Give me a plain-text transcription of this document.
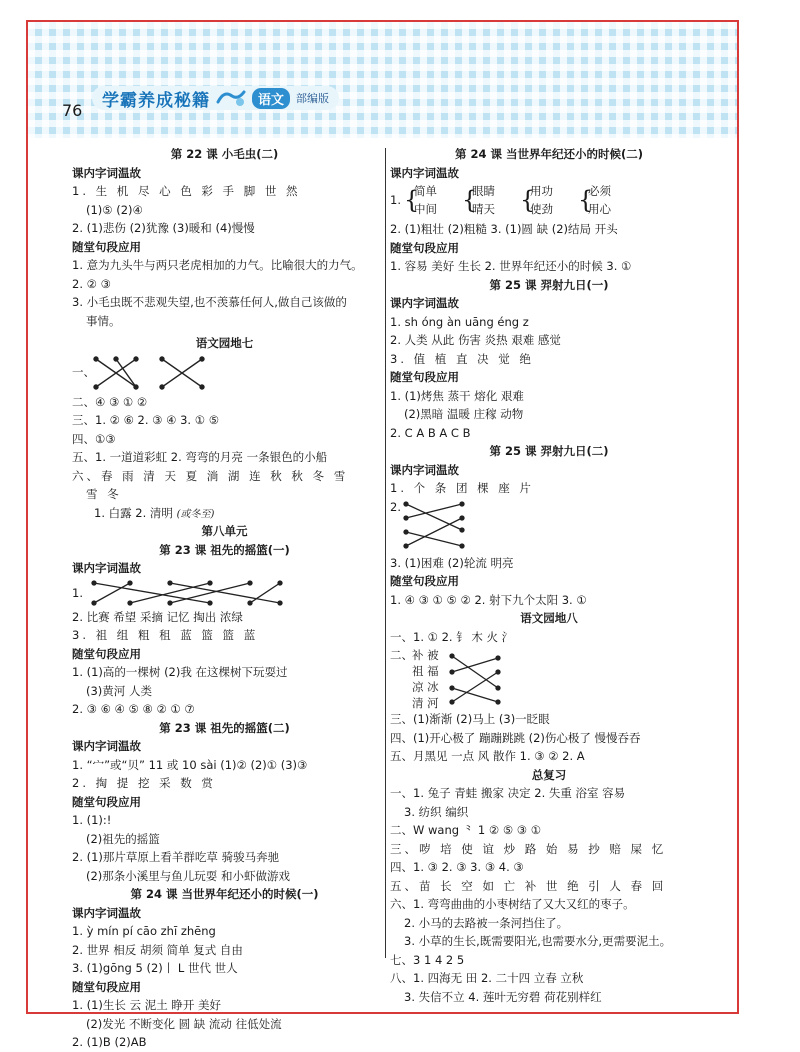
学霸养成秘籍	语文	部编版
76
第 22 课 小毛虫(二)
课内字词温故
1. 生 机 尽 心 色 彩 手 脚 世 然
(1)⑤ (2)④
2. (1)悲伤 (2)犹豫 (3)暖和 (4)慢慢
随堂句段应用
1. 意为九头牛与两只老虎相加的力气。比喻很大的力气。
2. ② ③
3. 小毛虫既不悲观失望,也不羡慕任何人,做自己该做的
事情。
语文园地七
一、
二、④ ③ ① ②
三、1. ② ⑥ 2. ③ ④ 3. ① ⑤
四、①③
五、1. 一道道彩虹 2. 弯弯的月亮 一条银色的小船
六、春 雨 清 天 夏 淌 湖 连 秋 秋 冬 雪
雪 冬
1. 白露 2. 清明 (或冬至)
第八单元
第 23 课 祖先的摇篮(一)
课内字词温故
1.
2. 比赛 希望 采摘 记忆 掏出 浓绿
3. 祖 组 粗 租 蓝 篮 篮 蓝
随堂句段应用
1. (1)高的一棵树 (2)我 在这棵树下玩耍过
(3)黄河 人类
2. ③ ⑥ ④ ⑤ ⑧ ② ① ⑦
第 23 课 祖先的摇篮(二)
课内字词温故
1. “宀”或“贝” 11 或 10 sài (1)② (2)① (3)③
2. 掏 提 挖 采 数 赏
随堂句段应用
1. (1):!
(2)祖先的摇篮
2. (1)那片草原上看羊群吃草 骑骏马奔驰
(2)那条小溪里与鱼儿玩耍 和小虾做游戏
第 24 课 当世界年纪还小的时候(一)
课内字词温故
1. ỳ mín pí cāo zhī zhēng
2. 世界 相反 胡须 简单 复式 自由
3. (1)gōng 5 (2)丨 L 世代 世人
随堂句段应用
1. (1)生长 云 泥土 睁开 美好
(2)发光 不断变化 圆 缺 流动 往低处流
2. (1)B (2)AB
第 24 课 当世界年纪还小的时候(二)
课内字词温故
1. {
简单
中间 {
眼睛
晴天 {
用功
使劲 {
必须
用心
2. (1)粗壮 (2)粗糙 3. (1)圆 缺 (2)结局 开头
随堂句段应用
1. 容易 美好 生长 2. 世界年纪还小的时候 3. ①
第 25 课 羿射九日(一)
课内字词温故
1. sh óng àn uāng éng z
2. 人类 从此 伤害 炎热 艰难 感觉
3. 值 植 直 决 觉 绝
随堂句段应用
1. (1)烤焦 蒸干 熔化 艰难
(2)黑暗 温暖 庄稼 动物
2. C A B A C B
第 25 课 羿射九日(二)
课内字词温故
1. 个 条 团 棵 座 片
2.
3. (1)困难 (2)轮流 明亮
随堂句段应用
1. ④ ③ ① ⑤ ② 2. 射下九个太阳 3. ①
语文园地八
一、1. ① 2. 钅 木 火 氵
二、 补 被
祖 福
凉 冰
清 河
三、(1)渐渐 (2)马上 (3)一眨眼
四、(1)开心极了 蹦蹦跳跳 (2)伤心极了 慢慢吞吞
五、月黑见 一点 风 散作 1. ③ ② 2. A
总复习
一、1. 兔子 青蛙 搬家 决定 2. 失重 浴室 容易
3. 纺织 编织
二、W wang ⺀ 1 ② ⑤ ③ ①
三、哕 培 使 谊 炒 路 始 易 抄 赔 屎 忆
四、1. ③ 2. ③ 3. ③ 4. ③
五、苗 长 空 如 亡 补 世 绝 引 人 春 回
六、1. 弯弯曲曲的小枣树结了又大又红的枣子。
2. 小马的去路被一条河挡住了。
3. 小草的生长,既需要阳光,也需要水分,更需要泥土。
七、3 1 4 2 5
八、1. 四海无 田 2. 二十四 立春 立秋
3. 失信不立 4. 莲叶无穷碧 荷花别样红
